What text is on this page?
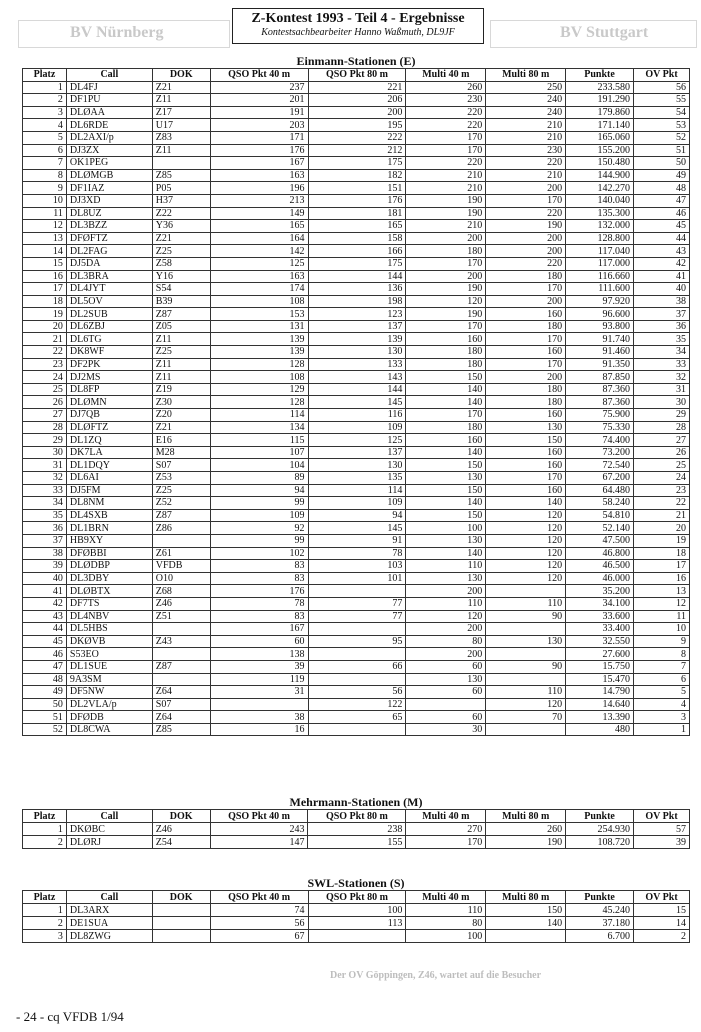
BV Nürnberg	BV Stuttgart
Z-Kontest 1993 - Teil 4 - Ergebnisse
Kontestsachbearbeiter Hanno Waßmuth, DL9JF
Einmann-Stationen (E)
Platz	Call	DOK	QSO Pkt 40 m	QSO Pkt 80 m	Multi 40 m	Multi 80 m	Punkte	OV Pkt
1	DL4FJ	Z21	237	221	260	250	233.580	56
2	DF1PU	Z11	201	206	230	240	191.290	55
3	DLØAA	Z17	191	200	220	240	179.860	54
4	DL6RDE	U17	203	195	220	210	171.140	53
5	DL2AXI/p	Z83	171	222	170	210	165.060	52
6	DJ3ZX	Z11	176	212	170	230	155.200	51
7	OK1PEG		167	175	220	220	150.480	50
8	DLØMGB	Z85	163	182	210	210	144.900	49
9	DF1IAZ	P05	196	151	210	200	142.270	48
10	DJ3XD	H37	213	176	190	170	140.040	47
11	DL8UZ	Z22	149	181	190	220	135.300	46
12	DL3BZZ	Y36	165	165	210	190	132.000	45
13	DFØFTZ	Z21	164	158	200	200	128.800	44
14	DL2FAG	Z25	142	166	180	200	117.040	43
15	DJ5DA	Z58	125	175	170	220	117.000	42
16	DL3BRA	Y16	163	144	200	180	116.660	41
17	DL4JYT	S54	174	136	190	170	111.600	40
18	DL5OV	B39	108	198	120	200	97.920	38
19	DL2SUB	Z87	153	123	190	160	96.600	37
20	DL6ZBJ	Z05	131	137	170	180	93.800	36
21	DL6TG	Z11	139	139	160	170	91.740	35
22	DK8WF	Z25	139	130	180	160	91.460	34
23	DF2PK	Z11	128	133	180	170	91.350	33
24	DJ2MS	Z11	108	143	150	200	87.850	32
25	DL8FP	Z19	129	144	140	180	87.360	31
26	DLØMN	Z30	128	145	140	180	87.360	30
27	DJ7QB	Z20	114	116	170	160	75.900	29
28	DLØFTZ	Z21	134	109	180	130	75.330	28
29	DL1ZQ	E16	115	125	160	150	74.400	27
30	DK7LA	M28	107	137	140	160	73.200	26
31	DL1DQY	S07	104	130	150	160	72.540	25
32	DL6AI	Z53	89	135	130	170	67.200	24
33	DJ5FM	Z25	94	114	150	160	64.480	23
34	DL8NM	Z52	99	109	140	140	58.240	22
35	DL4SXB	Z87	109	94	150	120	54.810	21
36	DL1BRN	Z86	92	145	100	120	52.140	20
37	HB9XY		99	91	130	120	47.500	19
38	DFØBBI	Z61	102	78	140	120	46.800	18
39	DLØDBP	VFDB	83	103	110	120	46.500	17
40	DL3DBY	O10	83	101	130	120	46.000	16
41	DLØBTX	Z68	176		200		35.200	13
42	DF7TS	Z46	78	77	110	110	34.100	12
43	DL4NBV	Z51	83	77	120	90	33.600	11
44	DL5HBS		167		200		33.400	10
45	DKØVB	Z43	60	95	80	130	32.550	9
46	S53EO		138		200		27.600	8
47	DL1SUE	Z87	39	66	60	90	15.750	7
48	9A3SM		119		130		15.470	6
49	DF5NW	Z64	31	56	60	110	14.790	5
50	DL2VLA/p	S07		122		120	14.640	4
51	DFØDB	Z64	38	65	60	70	13.390	3
52	DL8CWA	Z85	16		30		480	1
Mehrmann-Stationen (M)
Platz	Call	DOK	QSO Pkt 40 m	QSO Pkt 80 m	Multi 40 m	Multi 80 m	Punkte	OV Pkt
1	DKØBC	Z46	243	238	270	260	254.930	57
2	DLØRJ	Z54	147	155	170	190	108.720	39
SWL-Stationen (S)
Platz	Call	DOK	QSO Pkt 40 m	QSO Pkt 80 m	Multi 40 m	Multi 80 m	Punkte	OV Pkt
1	DL3ARX		74	100	110	150	45.240	15
2	DE1SUA		56	113	80	140	37.180	14
3	DL8ZWG		67		100		6.700	2
Der OV Göppingen, Z46, wartet auf die Besucher
- 24 - cq VFDB 1/94
